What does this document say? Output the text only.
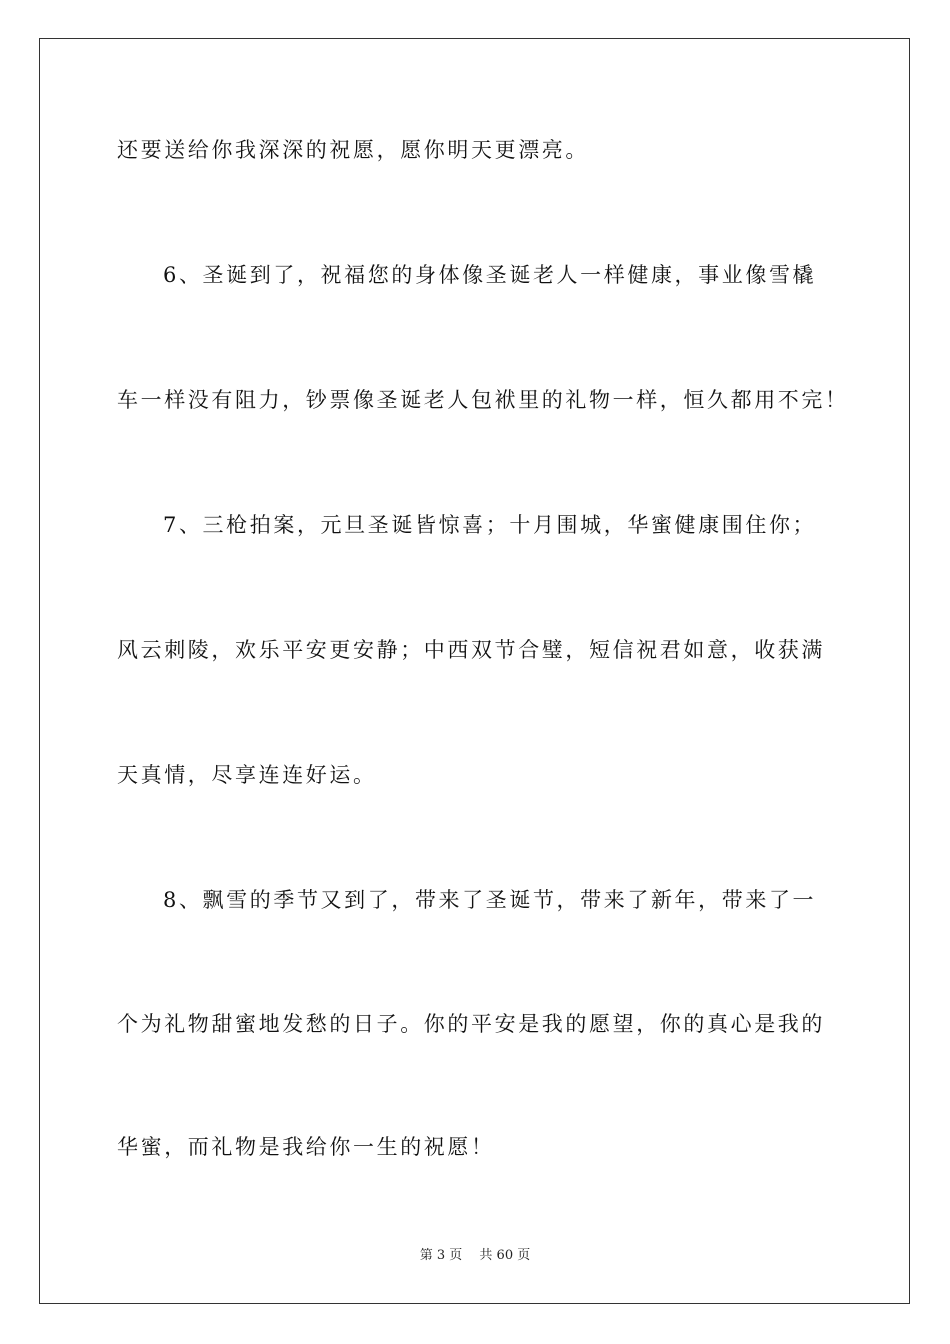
还要送给你我深深的祝愿，愿你明天更漂亮。
6、圣诞到了，祝福您的身体像圣诞老人一样健康，事业像雪橇
车一样没有阻力，钞票像圣诞老人包袱里的礼物一样，恒久都用不完！
7、三枪拍案，元旦圣诞皆惊喜；十月围城，华蜜健康围住你；
风云刺陵，欢乐平安更安静；中西双节合璧，短信祝君如意，收获满
天真情，尽享连连好运。
8、飘雪的季节又到了，带来了圣诞节，带来了新年，带来了一
个为礼物甜蜜地发愁的日子。你的平安是我的愿望，你的真心是我的
华蜜，而礼物是我给你一生的祝愿！
第 3 页　 共 60 页
